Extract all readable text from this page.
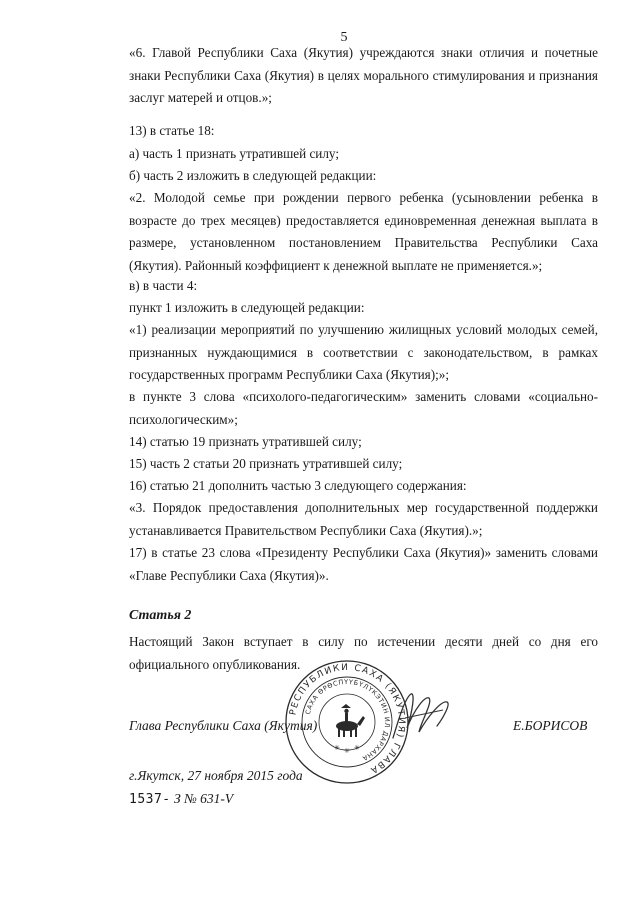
5
«6. Главой Республики Саха (Якутия) учреждаются знаки отличия и почетные знаки Республики Саха (Якутия) в целях морального стимулирования и признания заслуг матерей и отцов.»;
13) в статье 18:
а) часть 1 признать утратившей силу;
б) часть 2 изложить в следующей редакции:
«2. Молодой семье при рождении первого ребенка (усыновлении ребенка в возрасте до трех месяцев) предоставляется единовременная денежная выплата в размере, установленном постановлением Правительства Республики Саха (Якутия). Районный коэффициент к денежной выплате не применяется.»;
в) в части 4:
пункт 1 изложить в следующей редакции:
«1) реализации мероприятий по улучшению жилищных условий молодых семей, признанных нуждающимися в соответствии с законодательством, в рамках государственных программ Республики Саха (Якутия);»;
в пункте 3 слова «психолого-педагогическим» заменить словами «социально-психологическим»;
14) статью 19 признать утратившей силу;
15) часть 2 статьи 20 признать утратившей силу;
16) статью 21 дополнить частью 3 следующего содержания:
«3. Порядок предоставления дополнительных мер государственной поддержки устанавливается Правительством Республики Саха (Якутия).»;
17) в статье 23 слова «Президенту Республики Саха (Якутия)» заменить словами «Главе Республики Саха (Якутия)».
Статья 2
Настоящий Закон вступает в силу по истечении десяти дней со дня его официального опубликования.
РЕСПУБЛИКИ САХА (ЯКУТИЯ) ГЛАВА
САХА ӨРӨСПҮҮБҮЛҮКЭТИН ИЛ ДАРХАНА
✳ ✳ ✳
Глава Республики Саха (Якутия)	Е.БОРИСОВ
г.Якутск, 27 ноября 2015 года
1537- З № 631-V
